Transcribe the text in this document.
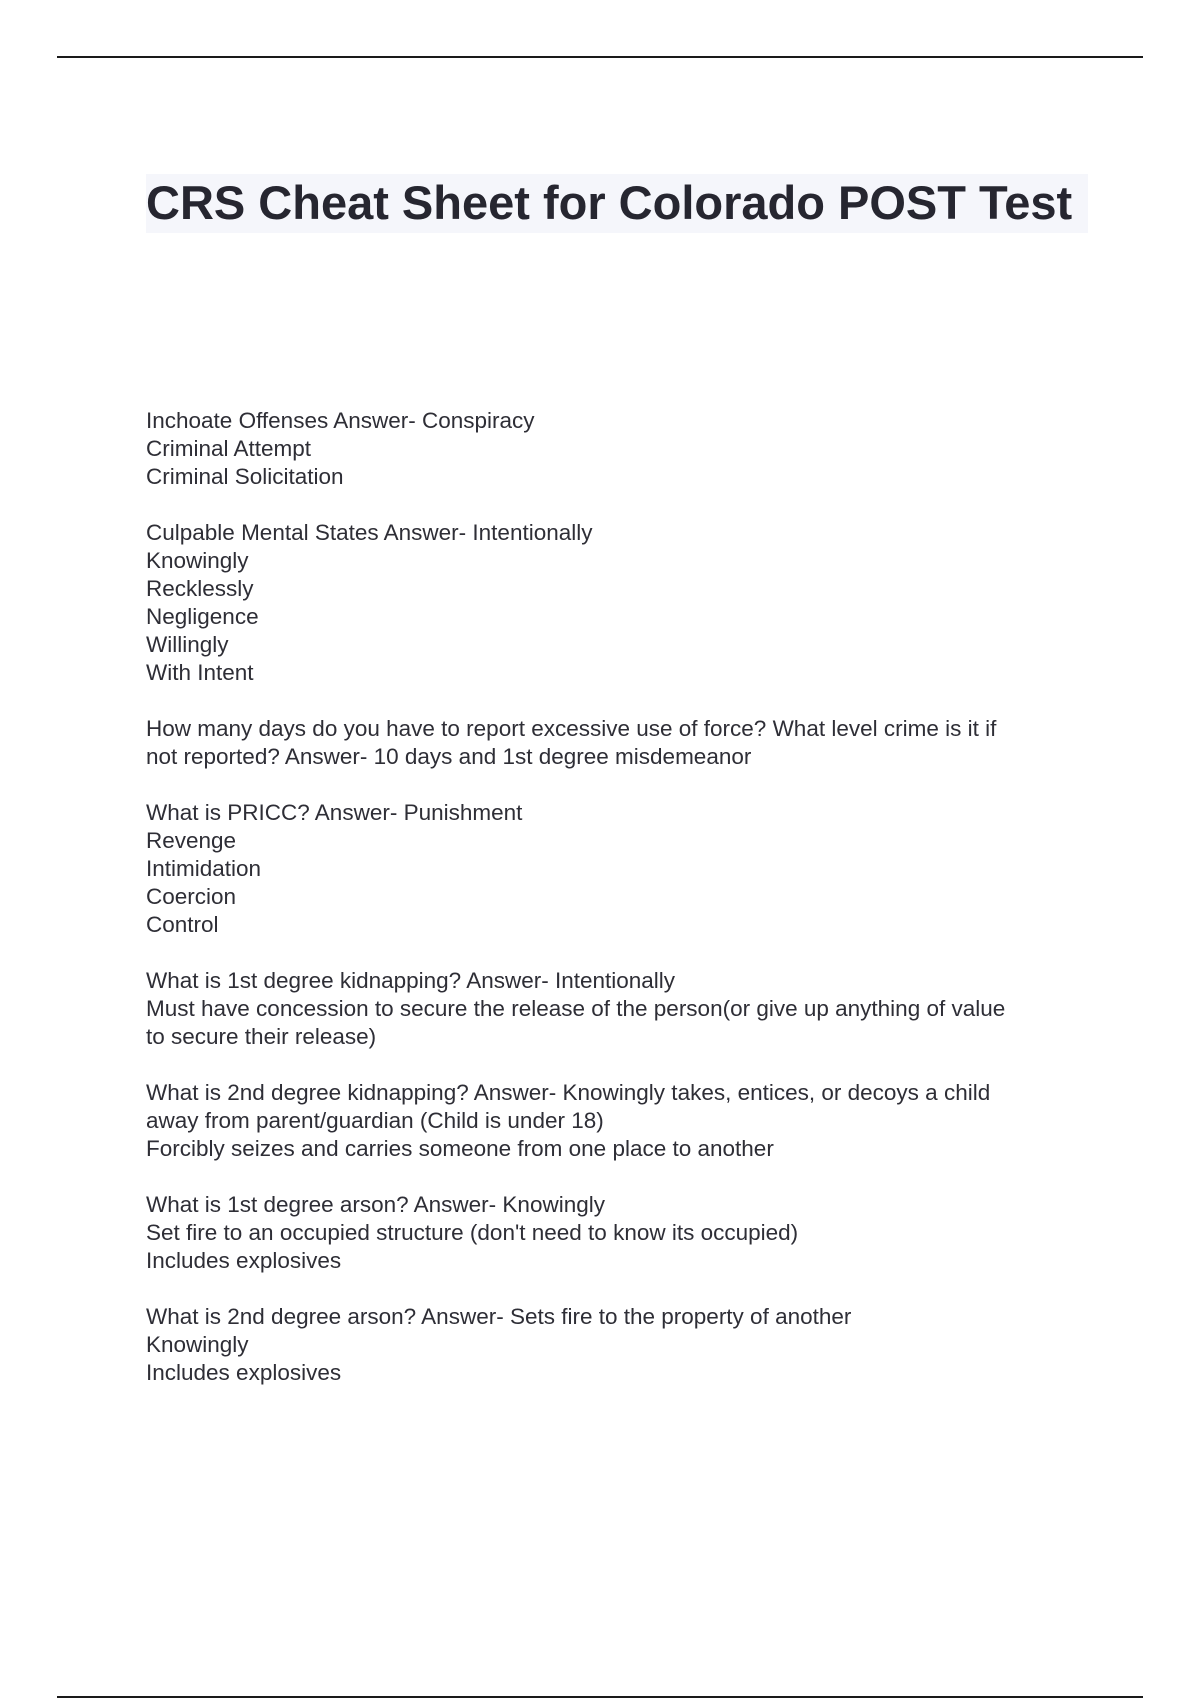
CRS Cheat Sheet for Colorado POST Test
Inchoate Offenses Answer- Conspiracy
Criminal Attempt
Criminal Solicitation
Culpable Mental States Answer- Intentionally
Knowingly
Recklessly
Negligence
Willingly
With Intent
How many days do you have to report excessive use of force? What level crime is it if
not reported? Answer- 10 days and 1st degree misdemeanor
What is PRICC? Answer- Punishment
Revenge
Intimidation
Coercion
Control
What is 1st degree kidnapping? Answer- Intentionally
Must have concession to secure the release of the person(or give up anything of value
to secure their release)
What is 2nd degree kidnapping? Answer- Knowingly takes, entices, or decoys a child
away from parent/guardian (Child is under 18)
Forcibly seizes and carries someone from one place to another
What is 1st degree arson? Answer- Knowingly
Set fire to an occupied structure (don't need to know its occupied)
Includes explosives
What is 2nd degree arson? Answer- Sets fire to the property of another
Knowingly
Includes explosives
